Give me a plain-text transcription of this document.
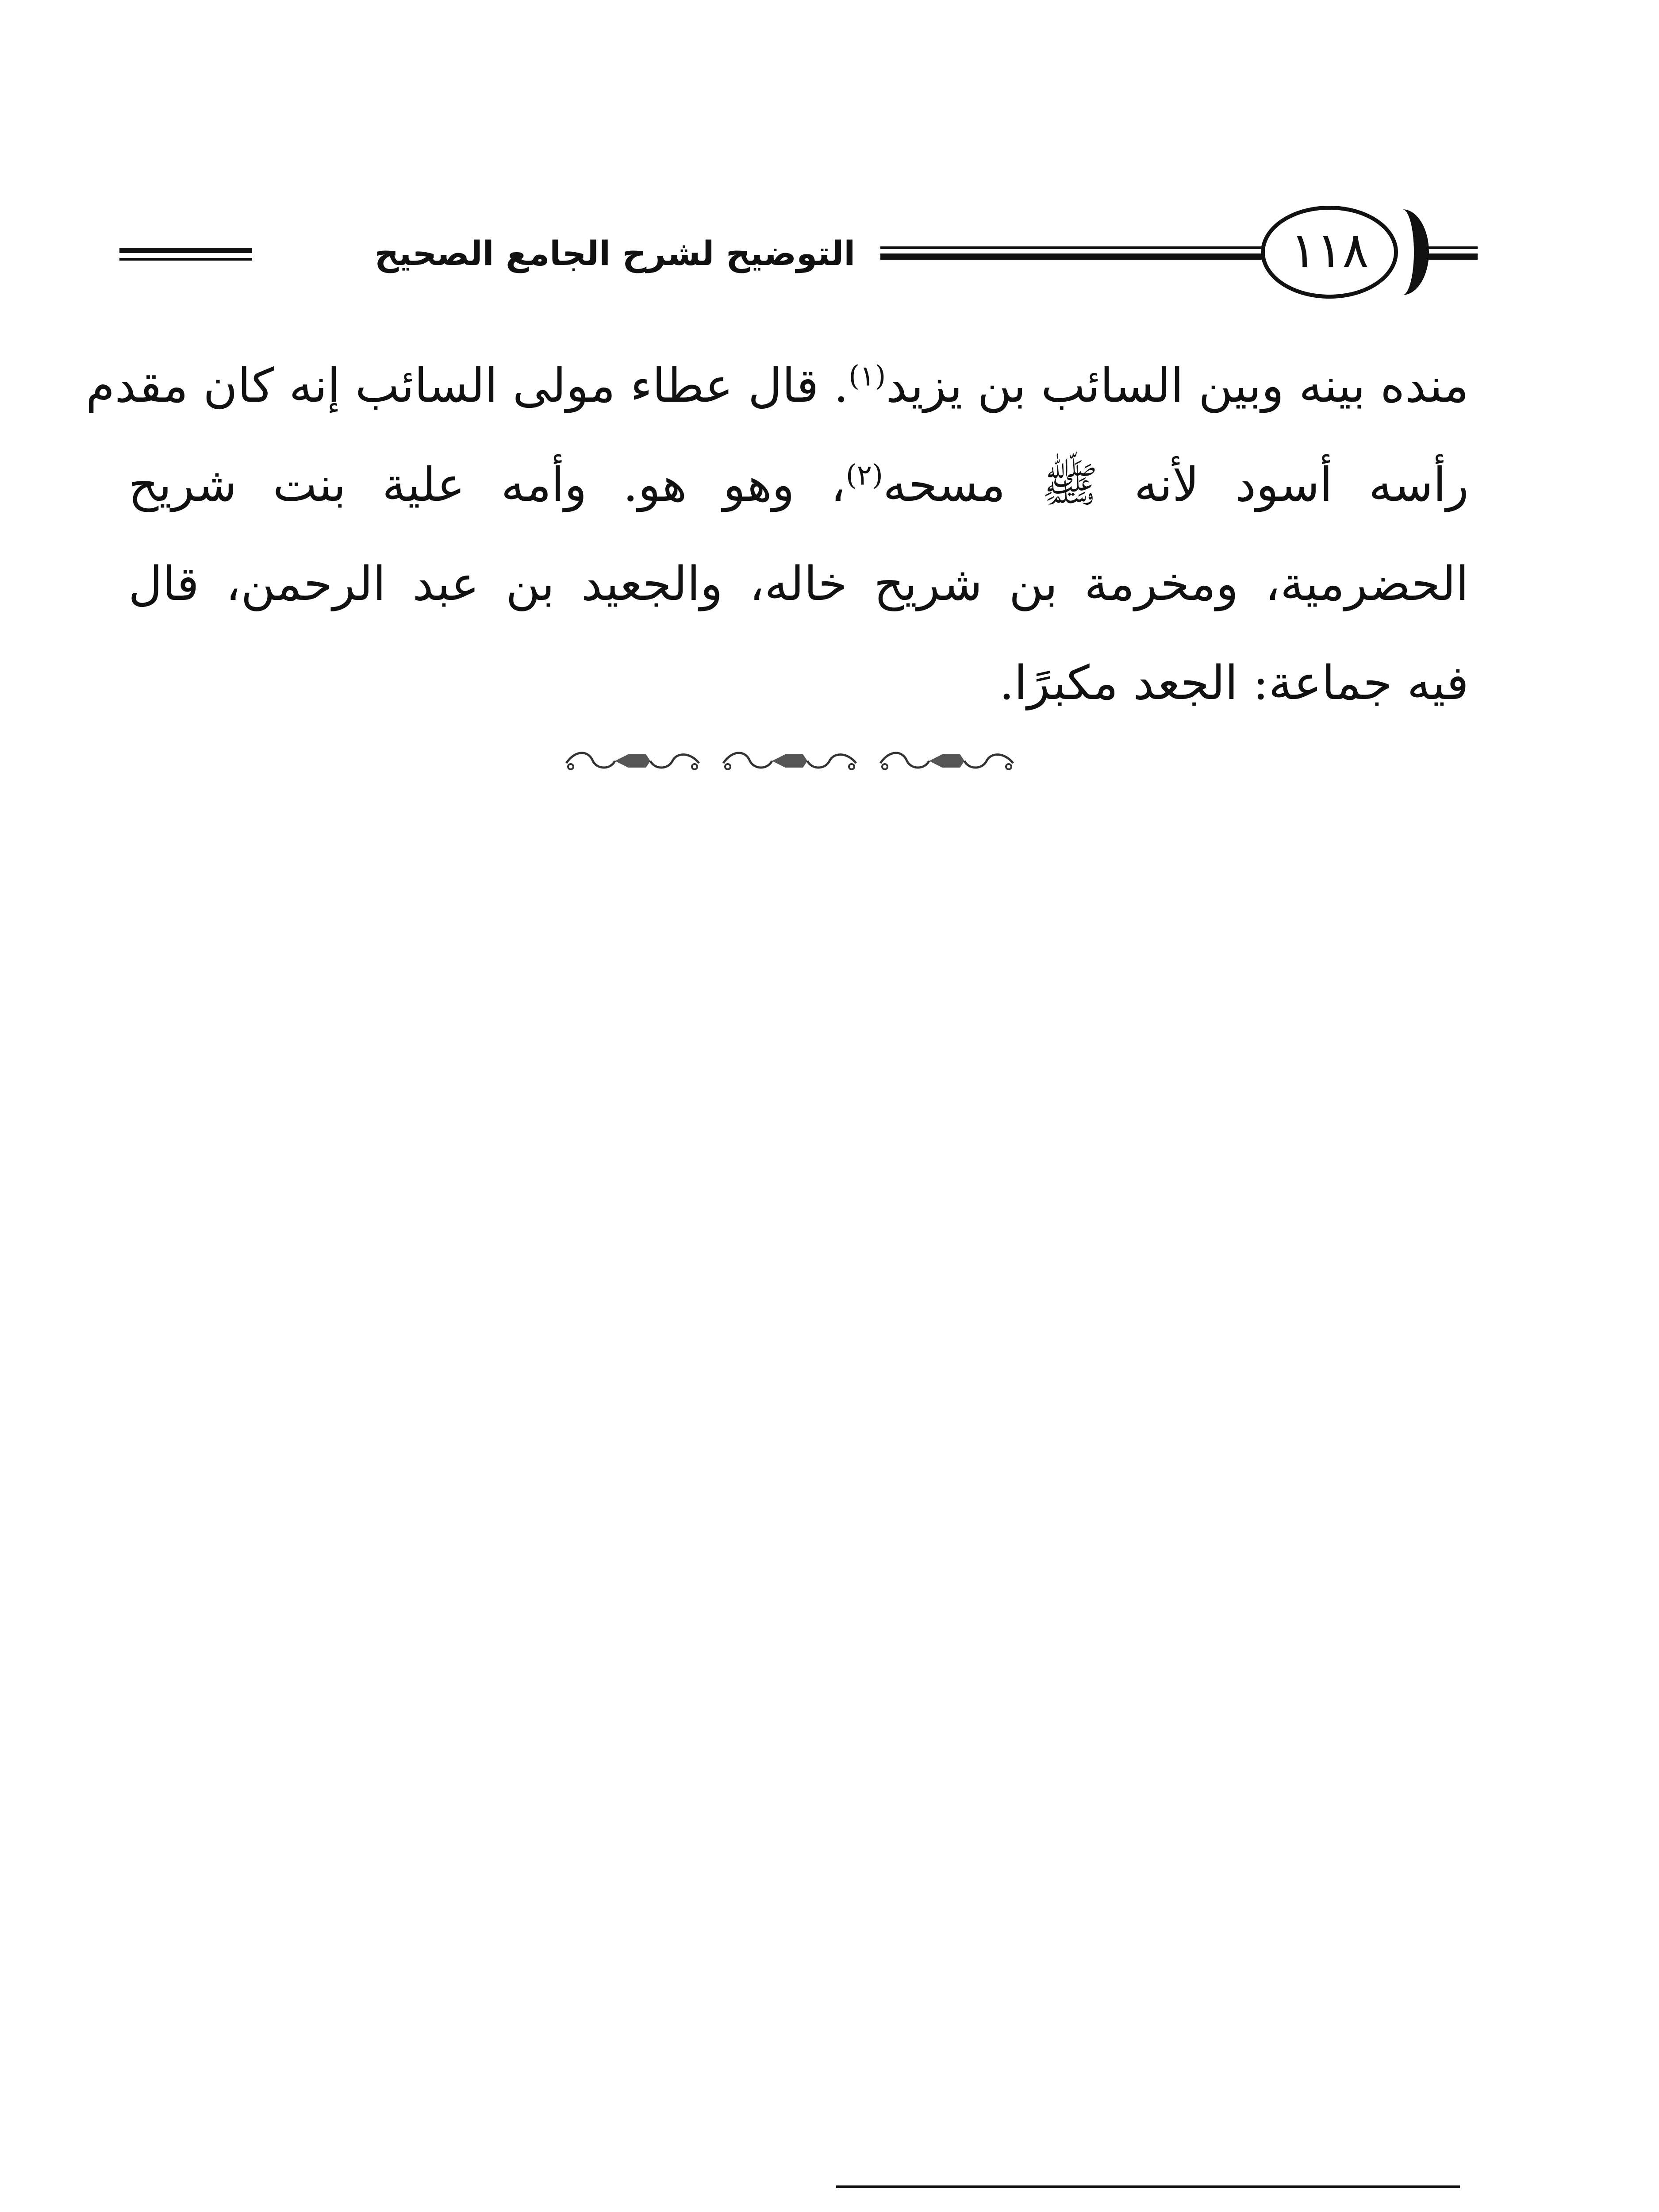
التوضيح لشرح الجامع الصحيح	١١٨
منده بينه وبين السائب بن يزيد$^{(١)}$. قال عطاء مولى السائب إنه كان مقدم
رأسه أسود لأنه ﷺ مسحه$^{(٢)}$، وهو هو. وأمه علية بنت شريح
الحضرمية، ومخرمة بن شريح خاله، والجعيد بن عبد الرحمن، قال
فيه جماعة: الجعد مكبرًا.
